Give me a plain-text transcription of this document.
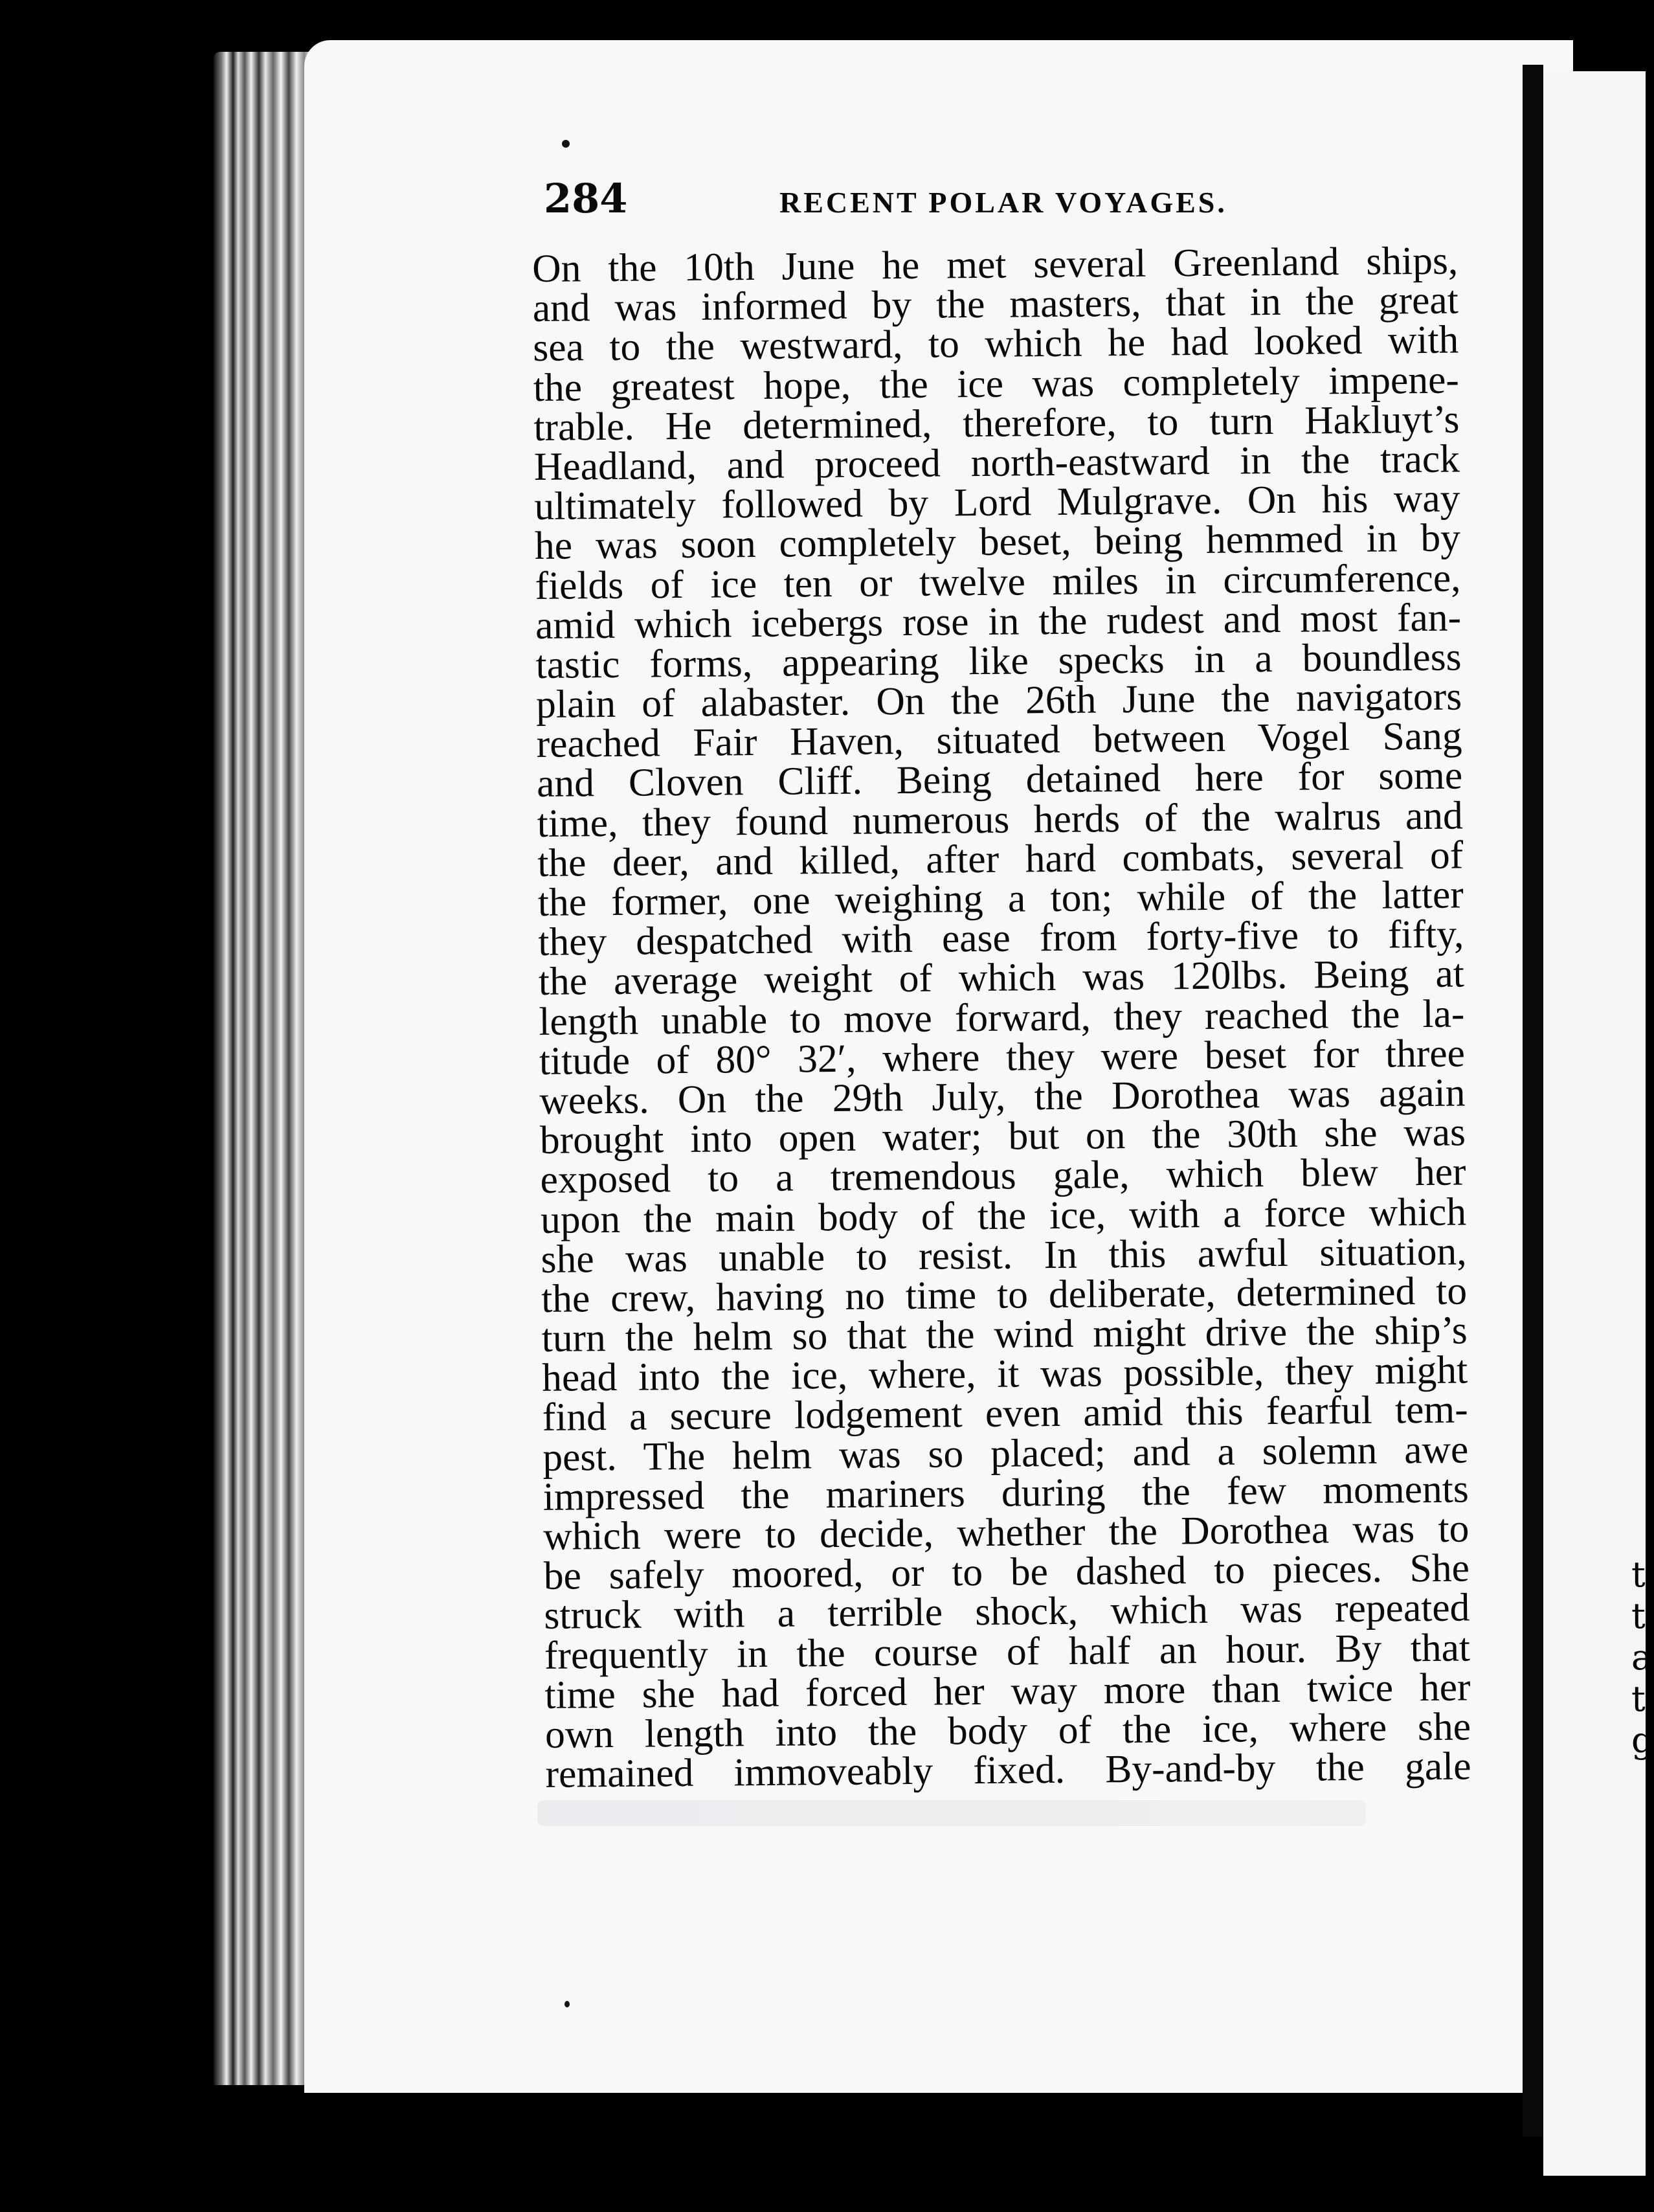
t
t
a
t
g
284	RECENT POLAR VOYAGES.
On the 10th June he met several Greenland ships,
and was informed by the masters, that in the great
sea to the westward, to which he had looked with
the greatest hope, the ice was completely impene-
trable. He determined, therefore, to turn Hakluyt’s
Headland, and proceed north-eastward in the track
ultimately followed by Lord Mulgrave. On his way
he was soon completely beset, being hemmed in by
fields of ice ten or twelve miles in circumference,
amid which icebergs rose in the rudest and most fan-
tastic forms, appearing like specks in a boundless
plain of alabaster. On the 26th June the navigators
reached Fair Haven, situated between Vogel Sang
and Cloven Cliff. Being detained here for some
time, they found numerous herds of the walrus and
the deer, and killed, after hard combats, several of
the former, one weighing a ton; while of the latter
they despatched with ease from forty-five to fifty,
the average weight of which was 120lbs. Being at
length unable to move forward, they reached the la-
titude of 80° 32′, where they were beset for three
weeks. On the 29th July, the Dorothea was again
brought into open water; but on the 30th she was
exposed to a tremendous gale, which blew her
upon the main body of the ice, with a force which
she was unable to resist. In this awful situation,
the crew, having no time to deliberate, determined to
turn the helm so that the wind might drive the ship’s
head into the ice, where, it was possible, they might
find a secure lodgement even amid this fearful tem-
pest. The helm was so placed; and a solemn awe
impressed the mariners during the few moments
which were to decide, whether the Dorothea was to
be safely moored, or to be dashed to pieces. She
struck with a terrible shock, which was repeated
frequently in the course of half an hour. By that
time she had forced her way more than twice her
own length into the body of the ice, where she
remained immoveably fixed. By-and-by the gale
